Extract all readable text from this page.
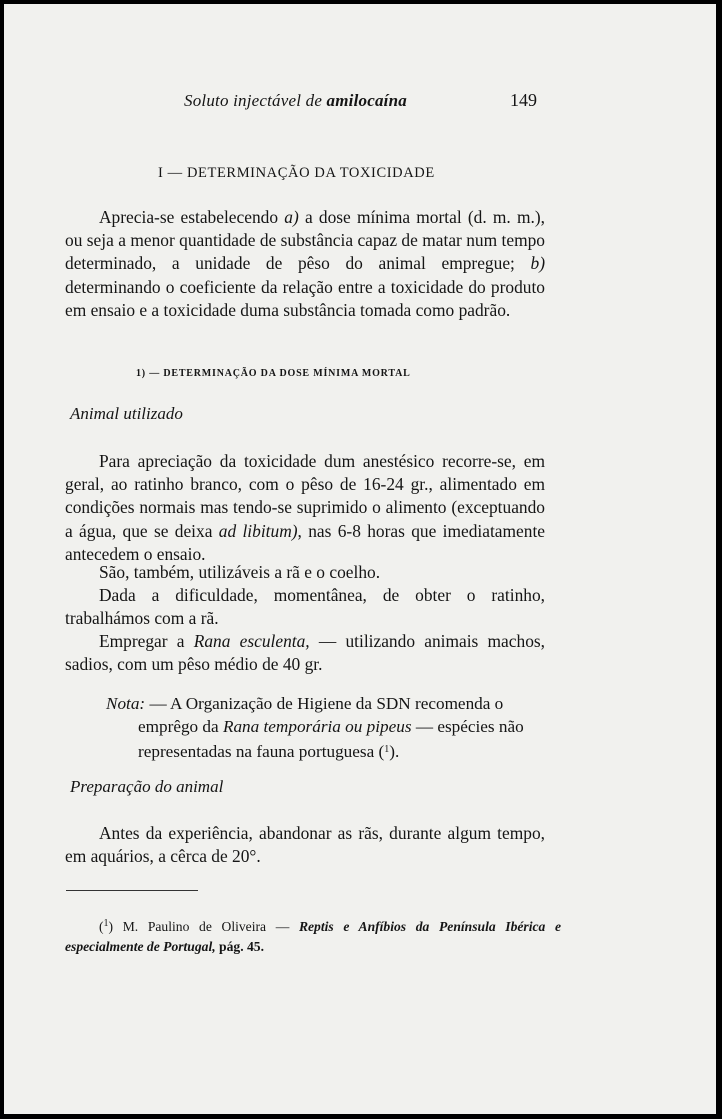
Soluto injectável de amilocaína	149
I — DETERMINAÇÃO DA TOXICIDADE
Aprecia-se estabelecendo a) a dose mínima mortal (d. m. m.), ou seja a menor quantidade de substância capaz de matar num tempo determinado, a unidade de pêso do animal empregue; b) determinando o coeficiente da relação entre a toxicidade do produto em ensaio e a toxicidade duma substância tomada como padrão.
1) — DETERMINAÇÃO DA DOSE MÍNIMA MORTAL
Animal utilizado
Para apreciação da toxicidade dum anestésico recorre-se, em geral, ao ratinho branco, com o pêso de 16-24 gr., alimentado em condições normais mas tendo-se suprimido o alimento (exceptuando a água, que se deixa ad libitum), nas 6-8 horas que imediatamente antecedem o ensaio.
São, também, utilizáveis a rã e o coelho.
Dada a dificuldade, momentânea, de obter o ratinho, trabalhámos com a rã.
Empregar a Rana esculenta, — utilizando animais machos, sadios, com um pêso médio de 40 gr.
Nota: — A Organização de Higiene da SDN recomenda o emprêgo da Rana temporária ou pipeus — espécies não representadas na fauna portuguesa ($^1$).
Preparação do animal
Antes da experiência, abandonar as rãs, durante algum tempo, em aquários, a cêrca de 20°.
($^1$) M. Paulino de Oliveira — Reptis e Anfíbios da Península Ibérica e especialmente de Portugal, pág. 45.
